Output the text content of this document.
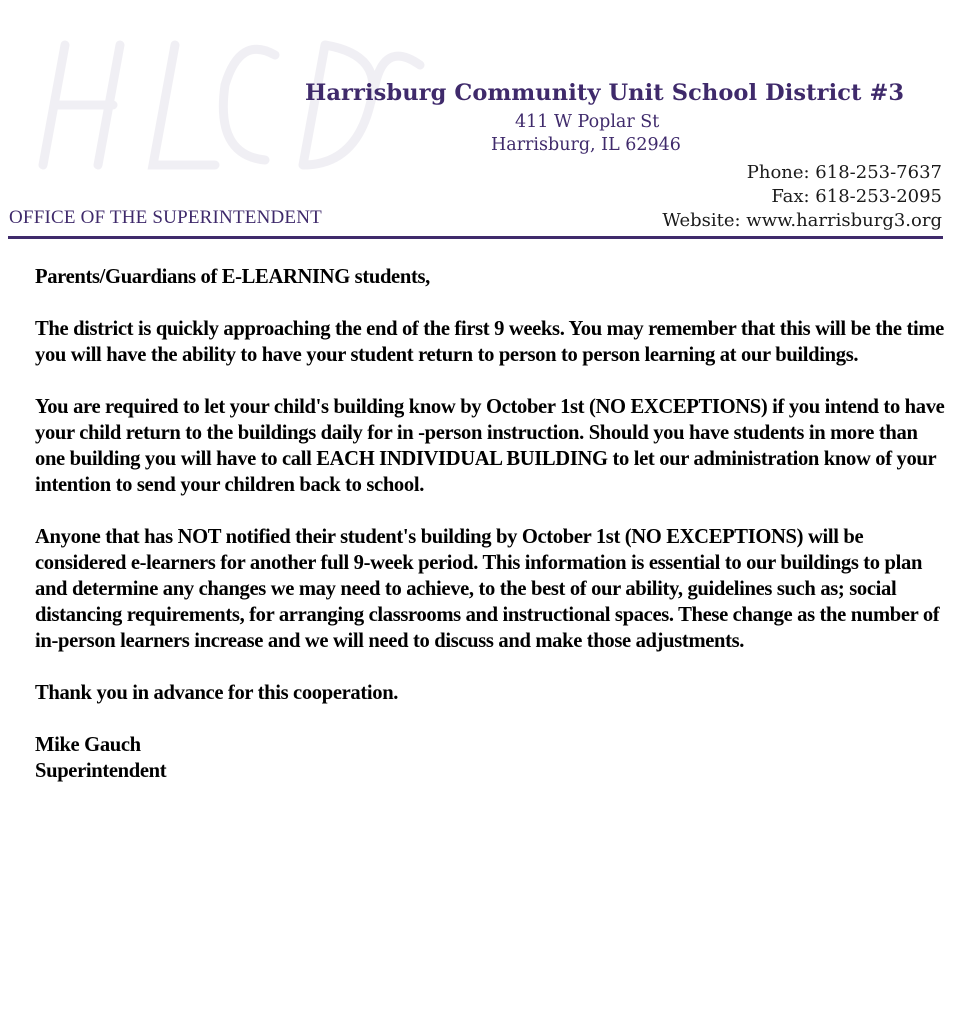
Harrisburg Community Unit School District #3
411 W Poplar St
Harrisburg, IL 62946
Phone: 618-253-7637
Fax: 618-253-2095
Website: www.harrisburg3.org
OFFICE OF THE SUPERINTENDENT

Parents/Guardians of E-LEARNING students,

The district is quickly approaching the end of the first 9 weeks. You may remember that this will be the time you will have the ability to have your student return to person to person learning at our buildings.

You are required to let your child's building know by October 1st (NO EXCEPTIONS) if you intend to have your child return to the buildings daily for in -person instruction. Should you have students in more than one building you will have to call EACH INDIVIDUAL BUILDING to let our administration know of your intention to send your children back to school.

Anyone that has NOT notified their student's building by October 1st (NO EXCEPTIONS) will be considered e-learners for another full 9-week period. This information is essential to our buildings to plan and determine any changes we may need to achieve, to the best of our ability, guidelines such as; social distancing requirements, for arranging classrooms and instructional spaces. These change as the number of in-person learners increase and we will need to discuss and make those adjustments.

Thank you in advance for this cooperation.

Mike Gauch
Superintendent
